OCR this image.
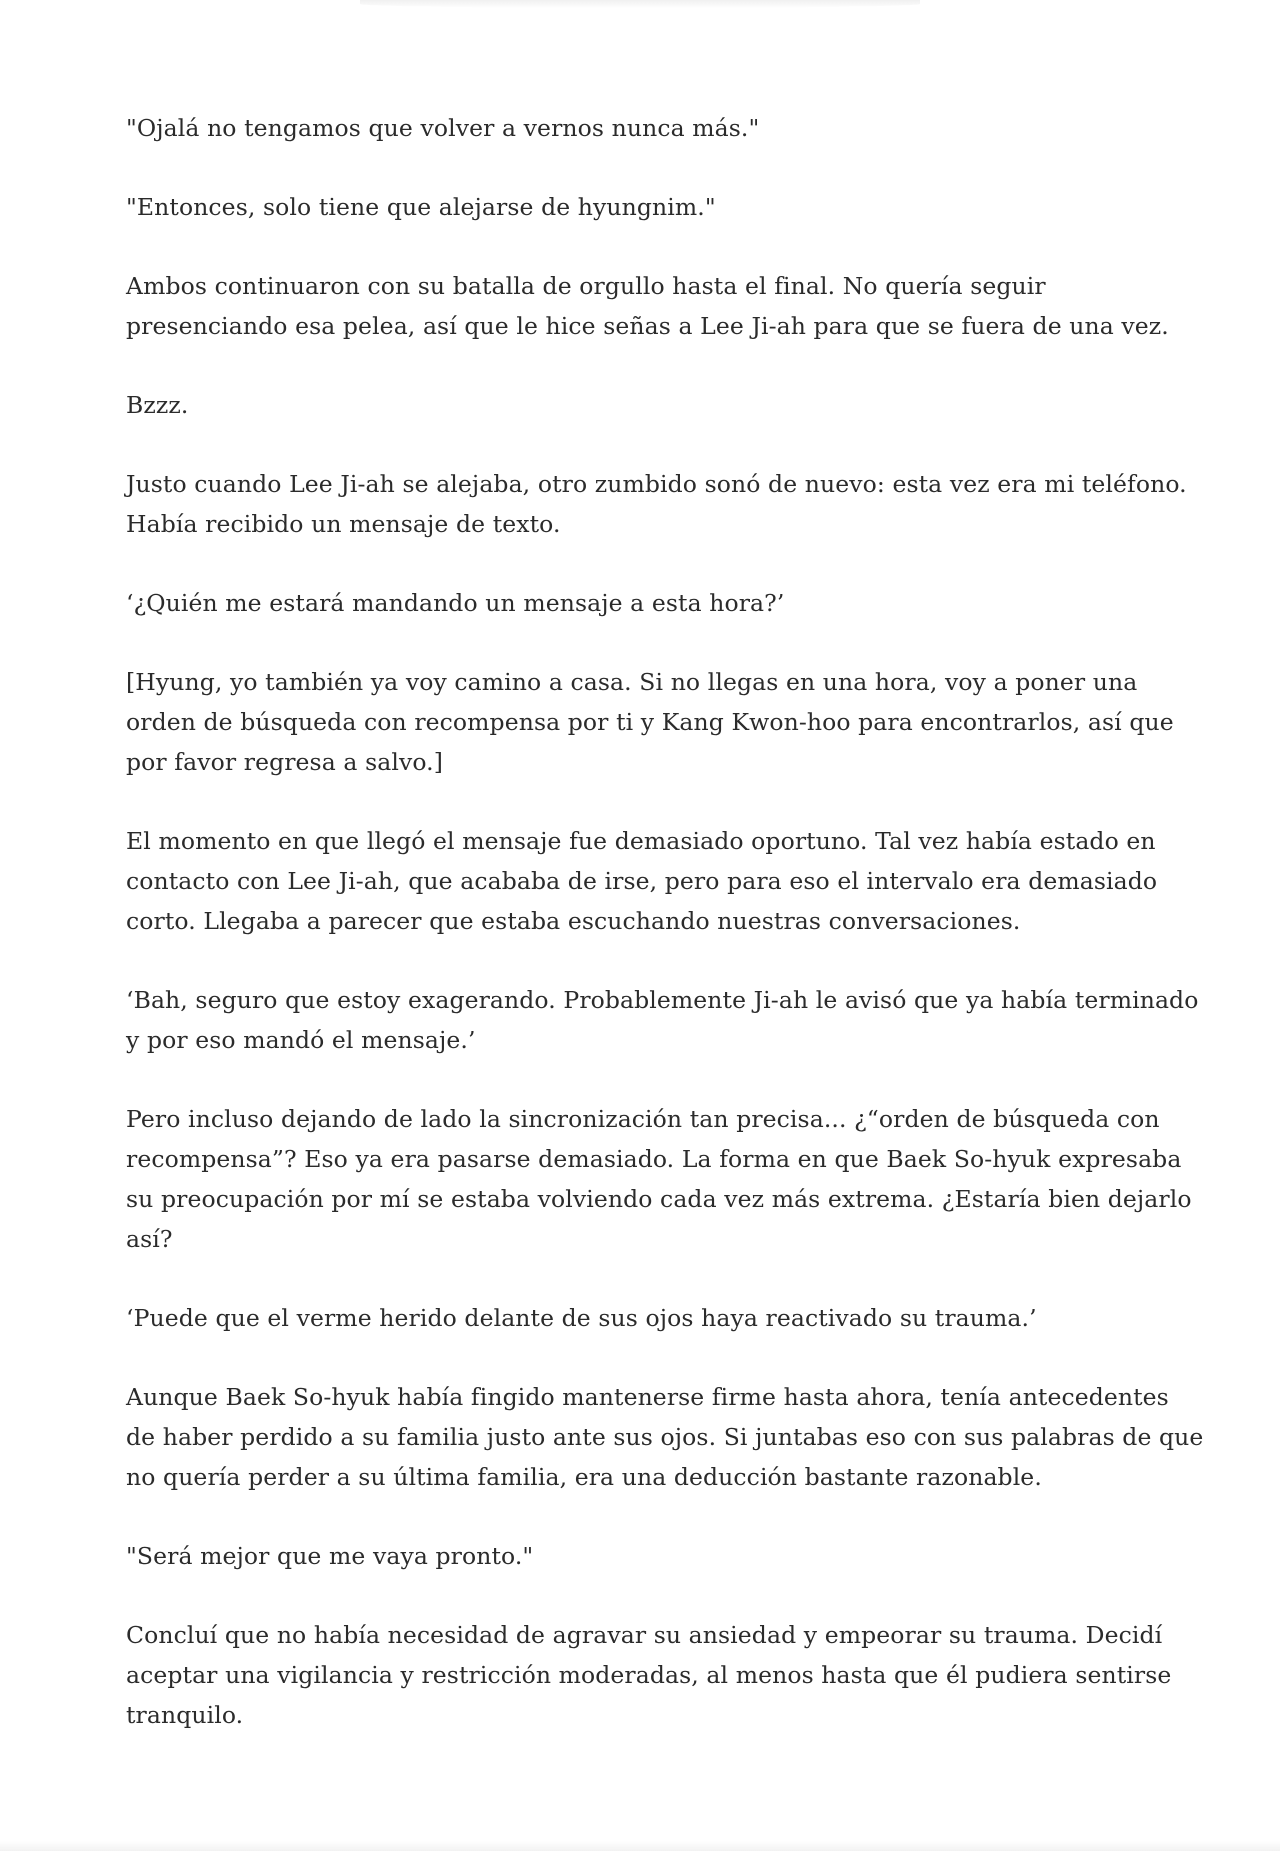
"Ojalá no tengamos que volver a vernos nunca más."

"Entonces, solo tiene que alejarse de hyungnim."

Ambos continuaron con su batalla de orgullo hasta el final. No quería seguir
presenciando esa pelea, así que le hice señas a Lee Ji-ah para que se fuera de una vez.

Bzzz.

Justo cuando Lee Ji-ah se alejaba, otro zumbido sonó de nuevo: esta vez era mi teléfono.
Había recibido un mensaje de texto.

‘¿Quién me estará mandando un mensaje a esta hora?’

[Hyung, yo también ya voy camino a casa. Si no llegas en una hora, voy a poner una
orden de búsqueda con recompensa por ti y Kang Kwon-hoo para encontrarlos, así que
por favor regresa a salvo.]

El momento en que llegó el mensaje fue demasiado oportuno. Tal vez había estado en
contacto con Lee Ji-ah, que acababa de irse, pero para eso el intervalo era demasiado
corto. Llegaba a parecer que estaba escuchando nuestras conversaciones.

‘Bah, seguro que estoy exagerando. Probablemente Ji-ah le avisó que ya había terminado
y por eso mandó el mensaje.’

Pero incluso dejando de lado la sincronización tan precisa... ¿“orden de búsqueda con
recompensa”? Eso ya era pasarse demasiado. La forma en que Baek So-hyuk expresaba
su preocupación por mí se estaba volviendo cada vez más extrema. ¿Estaría bien dejarlo
así?

‘Puede que el verme herido delante de sus ojos haya reactivado su trauma.’

Aunque Baek So-hyuk había fingido mantenerse firme hasta ahora, tenía antecedentes
de haber perdido a su familia justo ante sus ojos. Si juntabas eso con sus palabras de que
no quería perder a su última familia, era una deducción bastante razonable.

"Será mejor que me vaya pronto."

Concluí que no había necesidad de agravar su ansiedad y empeorar su trauma. Decidí
aceptar una vigilancia y restricción moderadas, al menos hasta que él pudiera sentirse
tranquilo.
